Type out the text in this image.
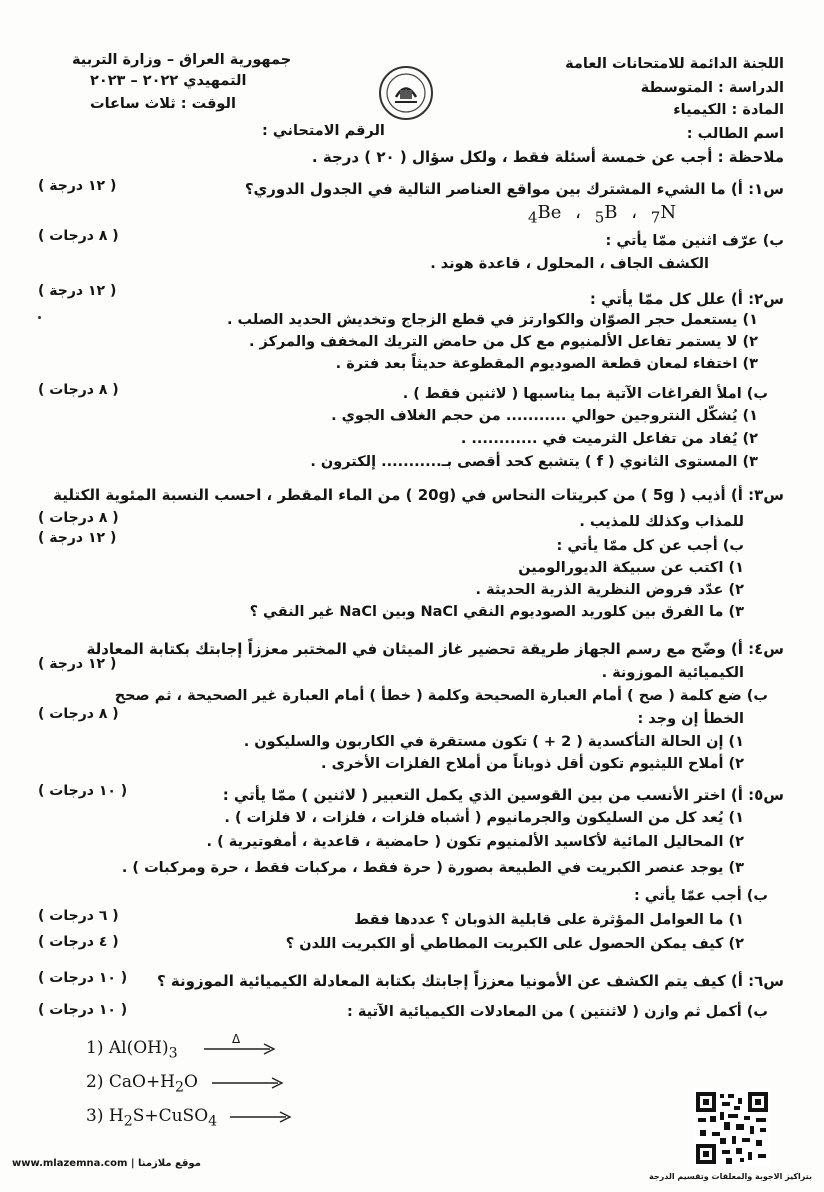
اللجنة الدائمة للامتحانات العامة
الدراسة : المتوسطة
المادة : الكيمياء
اسم الطالب :
جمهورية العراق – وزارة التربية
التمهيدي ٢٠٢٢ – ٢٠٢٣
الوقت : ثلاث ساعات
الرقم الامتحاني :
ملاحظة : أجب عن خمسة أسئلة فقط ، ولكل سؤال ( ٢٠ ) درجة .
س١: أ) ما الشيء المشترك بين مواقع العناصر التالية في الجدول الدوري؟
( ١٢ درجة )
$_4$Be ، $_5$B ، $_7$N
ب) عرّف اثنين ممّا يأتي :
( ٨ درجات )
الكشف الجاف ، المحلول ، قاعدة هوند .
( ١٢ درجة )	س٢: أ) علل كل ممّا يأتي :
١) يستعمل حجر الصوّان والكوارتز في قطع الزجاج وتخديش الحديد الصلب .
٢) لا يستمر تفاعل الألمنيوم مع كل من حامض التريك المخفف والمركز .
٣) اختفاء لمعان قطعة الصوديوم المقطوعة حديثاً بعد فترة .
( ٨ درجات )	ب) املأ الفراغات الآتية بما يناسبها ( لاثنين فقط ) .
١) يُشكّل النتروجين حوالي ........... من حجم الغلاف الجوي .
٢) يُفاد من تفاعل الثرميت في ............ .
٣) المستوى الثانوي ( f ) يتشبع كحد أقصى بـ........... إلكترون .
س٣: أ) أذيب ( 5g ) من كبريتات النحاس في (20g ) من الماء المقطر ، احسب النسبة المئوية الكتلية
للمذاب وكذلك للمذيب .
( ٨ درجات )
( ١٢ درجة )	ب) أجب عن كل ممّا يأتي :
١) اكتب عن سبيكة الديورالومين
٢) عدّد فروض النظرية الذرية الحديثة .
٣) ما الفرق بين كلوريد الصوديوم النقي NaCl وبين NaCl غير النقي ؟
س٤: أ) وضّح مع رسم الجهاز طريقة تحضير غاز الميثان في المختبر معززاً إجابتك بكتابة المعادلة
الكيميائية الموزونة .
( ١٢ درجة )
ب) ضع كلمة ( صح ) أمام العبارة الصحيحة وكلمة ( خطأ ) أمام العبارة غير الصحيحة ، ثم صحح
الخطأ إن وجد :
( ٨ درجات )
١) إن الحالة التأكسدية ( 2 + ) تكون مستقرة في الكاربون والسليكون .
٢) أملاح الليثيوم تكون أقل ذوباناً من أملاح الفلزات الأخرى .
س٥: أ) اختر الأنسب من بين القوسين الذي يكمل التعبير ( لاثنين ) ممّا يأتي :
( ١٠ درجات )
١) يُعد كل من السليكون والجرمانيوم ( أشباه فلزات ، فلزات ، لا فلزات ) .
٢) المحاليل المائية لأكاسيد الألمنيوم تكون ( حامضية ، قاعدية ، أمفوتيرية ) .
٣) يوجد عنصر الكبريت في الطبيعة بصورة ( حرة فقط ، مركبات فقط ، حرة ومركبات ) .
ب) أجب عمّا يأتي :
١) ما العوامل المؤثرة على قابلية الذوبان ؟ عددها فقط
( ٦ درجات )
٢) كيف يمكن الحصول على الكبريت المطاطي أو الكبريت اللدن ؟
( ٤ درجات )
س٦: أ) كيف يتم الكشف عن الأمونيا معززاً إجابتك بكتابة المعادلة الكيميائية الموزونة ؟
( ١٠ درجات )
ب) أكمل ثم وازن ( لاثنتين ) من المعادلات الكيميائية الآتية :
( ١٠ درجات )
1) $Al(OH)_3$
Δ
2) $CaO+H_2O$
3) $H_2S+CuSO_4$
www.mlazemna.com | موقع ملازمنا
بتراكيز الاجوبة والمعلقات وتقسيم الدرجة
